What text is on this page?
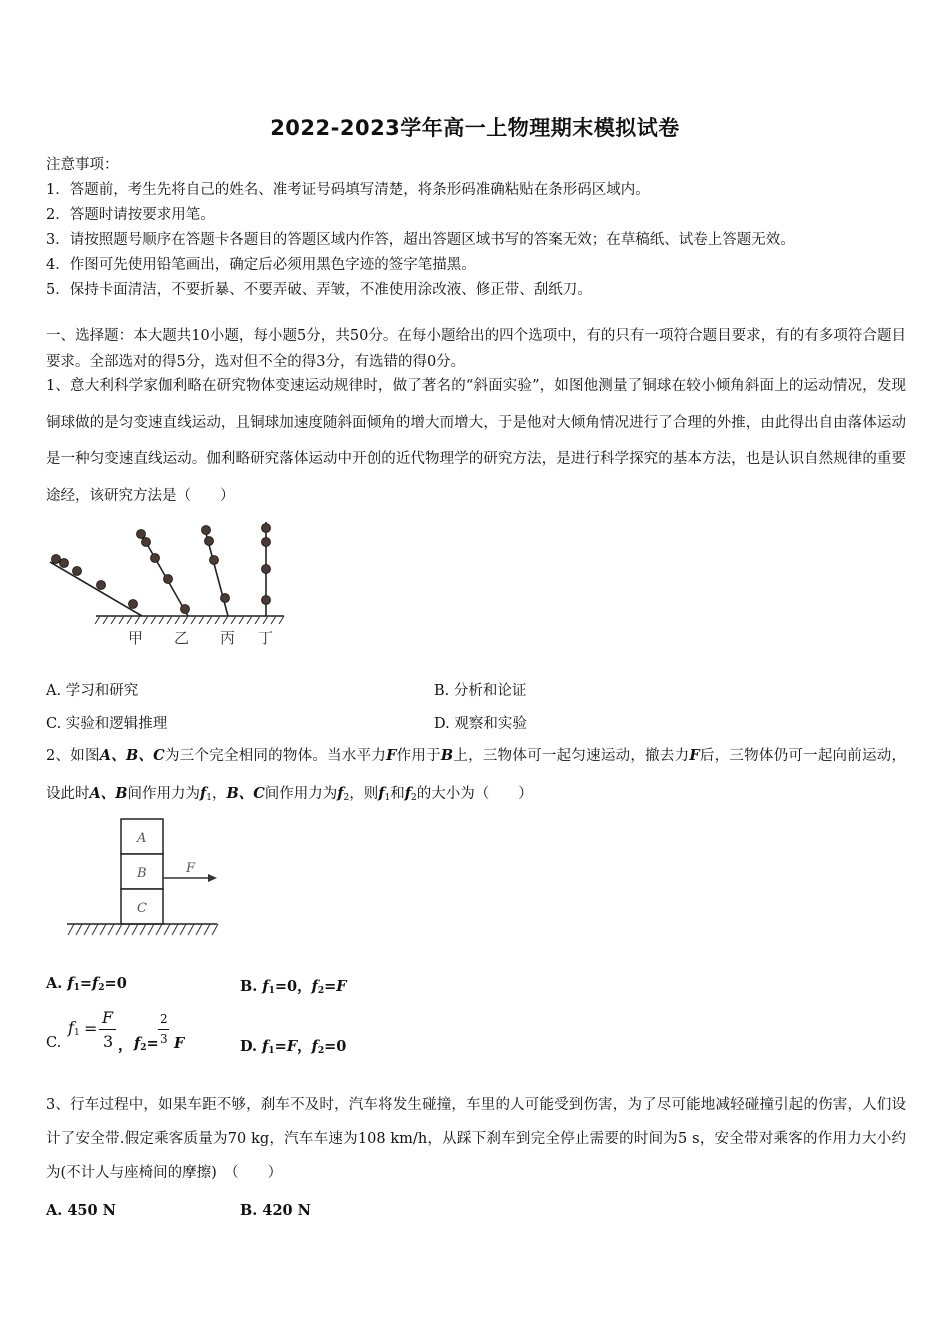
2022-2023学年高一上物理期末模拟试卷
注意事项：
1．答题前，考生先将自己的姓名、准考证号码填写清楚，将条形码准确粘贴在条形码区域内。
2．答题时请按要求用笔。
3．请按照题号顺序在答题卡各题目的答题区域内作答，超出答题区域书写的答案无效；在草稿纸、试卷上答题无效。
4．作图可先使用铅笔画出，确定后必须用黑色字迹的签字笔描黑。
5．保持卡面清洁，不要折暴、不要弄破、弄皱，不准使用涂改液、修正带、刮纸刀。
一、选择题：本大题共10小题，每小题5分，共50分。在每小题给出的四个选项中，有的只有一项符合题目要求，有的有多项符合题目要求。全部选对的得5分，选对但不全的得3分，有选错的得0分。
1、意大利科学家伽利略在研究物体变速运动规律时，做了著名的“斜面实验”，如图他测量了铜球在较小倾角斜面上的运动情况，发现铜球做的是匀变速直线运动，且铜球加速度随斜面倾角的增大而增大，于是他对大倾角情况进行了合理的外推，由此得出自由落体运动是一种匀变速直线运动。伽利略研究落体运动中开创的近代物理学的研究方法，是进行科学探究的基本方法，也是认识自然规律的重要途经，该研究方法是（　　）
甲 乙 丙 丁
A. 学习和研究	B. 分析和论证
C. 实验和逻辑推理	D. 观察和实验
2、如图A、B、C为三个完全相同的物体。当水平力F作用于B上，三物体可一起匀速运动，撤去力F后，三物体仍可一起向前运动，设此时A、B间作用力为$f_1$，B、C间作用力为$f_2$，则$f_1$和$f_2$的大小为（　　）
A
B
C
F
A. $f_1=f_2=0$	B. $f_1=0$，$f_2=F$
C.
f 1 =
F
3 ， $f_2=$
2
3 F	D. $f_1=F$，$f_2=0$
3、行车过程中，如果车距不够，刹车不及时，汽车将发生碰撞，车里的人可能受到伤害，为了尽可能地减轻碰撞引起的伤害，人们设计了安全带.假定乘客质量为70 kg，汽车车速为108 km/h，从踩下刹车到完全停止需要的时间为5 s，安全带对乘客的作用力大小约为(不计人与座椅间的摩擦)　（　　）
A. 450 N	B. 420 N
